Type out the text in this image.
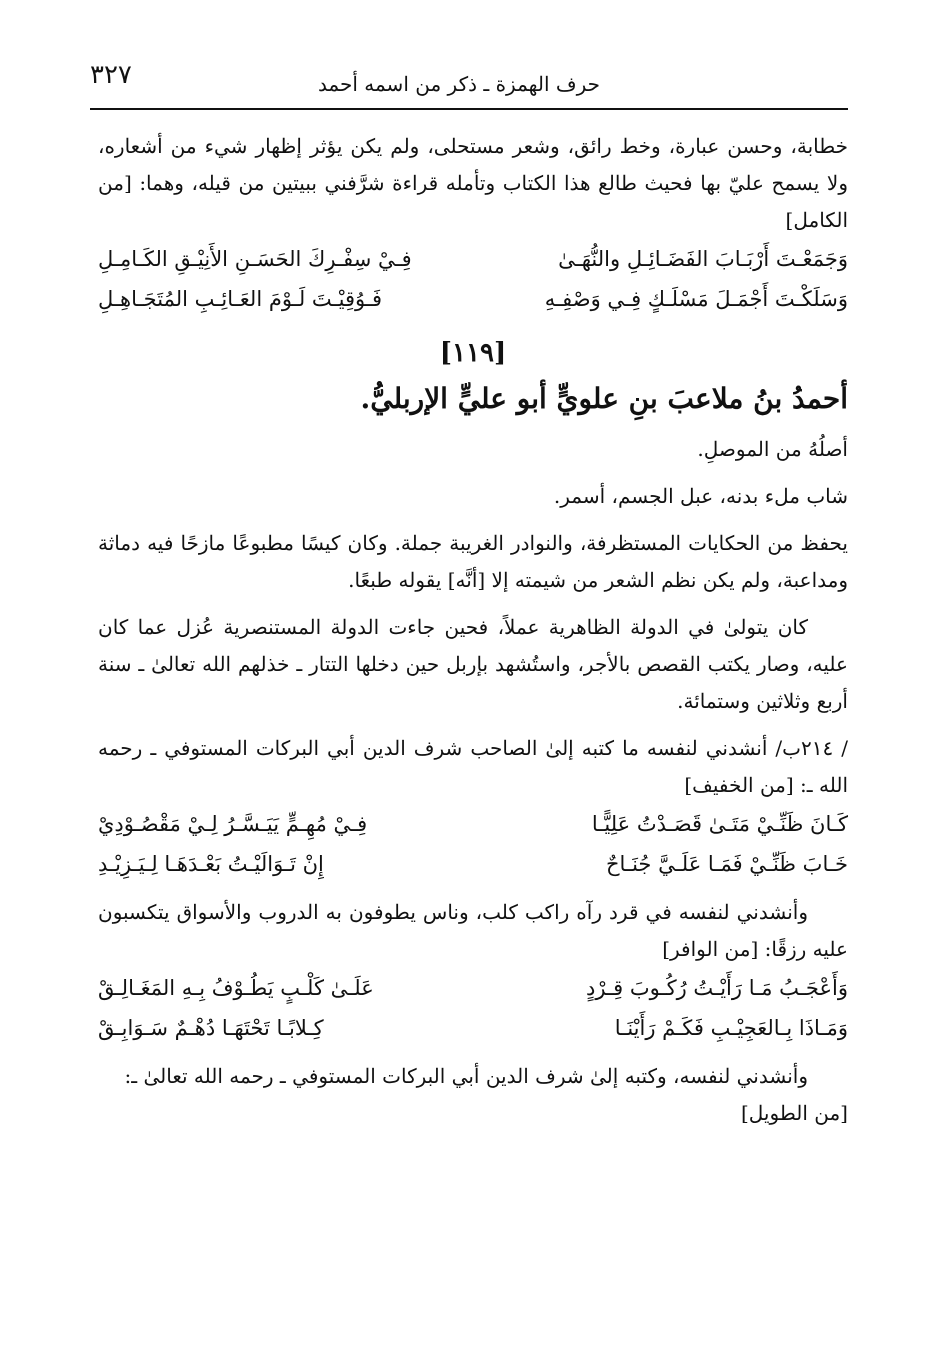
٣٢٧	حرف الهمزة ـ ذكر من اسمه أحمد

خطابة، وحسن عبارة، وخط رائق، وشعر مستحلى، ولم يكن يؤثر إظهار شيء من أشعاره، ولا يسمح عليّ بها فحيث طالع هذا الكتاب وتأمله قراءة شرَّفني ببيتين من قيله، وهما: [من الكامل]

وَجَمَعْـتَ أَرْبَـابَ الفَضَـائِـلِ والنُّهَـىٰ
فِـيْ سِفْـرِكَ الحَسَـنِ الأَنِيْـقِ الكَـامِـلِ
وَسَلَكْـتَ أَجْمَـلَ مَسْلَـكٍ فِـي وَصْفِـهِ
فَـوُقِيْـتَ لَـوْمَ العَـائِـبِ المُتَجَـاهِـلِ
[١١٩]
أحمدُ بنُ ملاعبَ بنِ علويٍّ أبو عليٍّ الإربليُّ.

أصلُهُ من الموصلِ.

شاب ملء بدنه، عبل الجسم، أسمر.

يحفظ من الحكايات المستظرفة، والنوادر الغريبة جملة. وكان كيسًا مطبوعًا مازحًا فيه دماثة ومداعبة، ولم يكن نظم الشعر من شيمته إلا [أنَّه] يقوله طبعًا.

كان يتولىٰ في الدولة الظاهرية عملاً، فحين جاءت الدولة المستنصرية عُزل عما كان عليه، وصار يكتب القصص بالأجر، واستُشهد بإربل حين دخلها التتار ـ خذلهم الله تعالىٰ ـ سنة أربع وثلاثين وستمائة.

/ ٢١٤ب/ أنشدني لنفسه ما كتبه إلىٰ الصاحب شرف الدين أبي البركات المستوفي ـ رحمه الله ـ: [من الخفيف]

كَـانَ ظَنِّـيْ مَتَـىٰ قَصَـدْتُ عَلِيًّـا
فِـيْ مُهِـمٍّ يَيَـسَّـرُ لِـيْ مَقْصُـوْدِيْ
خَـابَ ظَنِّـيْ فَمَـا عَلَـيَّ جُنَـاحٌ
إِنْ تَـوَالَيْـتُ بَعْـدَهَـا لِـيَـزِيْـدِ

وأنشدني لنفسه في قرد رآه راكب كلب، وناس يطوفون به الدروب والأسواق يتكسبون عليه رزقًا: [من الوافر]

وَأَعْجَـبُ مَـا رَأَيْـتُ رُكُـوبَ قِـرْدٍ
عَلَـىٰ كَلْـبٍ يَطُـوْفُ بِـهِ المَغَـالِـقْ
وَمَـاذَا بِـالعَجِيْـبِ فَكَـمْ رَأَيْنَـا
كِـلابًـا تَحْتَهَـا دُهْـمٌ سَـوَابِـقْ

وأنشدني لنفسه، وكتبه إلىٰ شرف الدين أبي البركات المستوفي ـ رحمه الله تعالىٰ ـ:

[من الطويل]
